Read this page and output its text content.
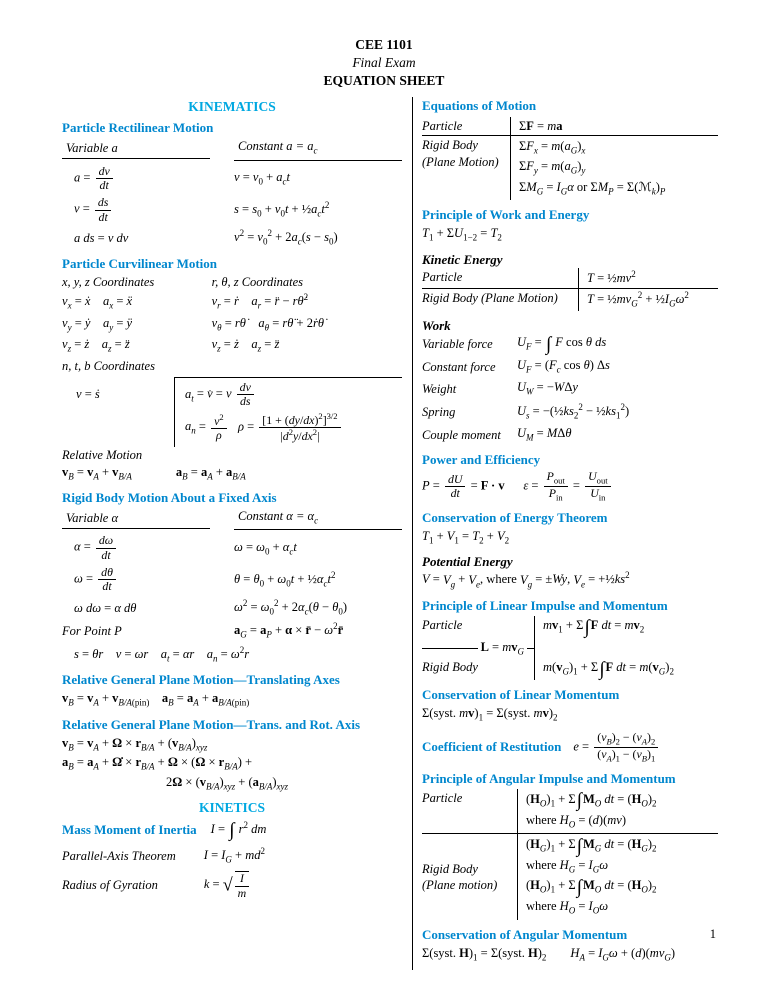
CEE 1101
Final Exam
EQUATION SHEET
KINEMATICS
Particle Rectilinear Motion
Variable a	Constant $a = a_c$
$a = \frac{dv}{dt}$	$v = v_0 + a_ct$
$v = \frac{ds}{dt}$	$s = s_0 + v_0t$ + $\frac{1}{2}a_ct^2$
a ds = v dv	$v^2 = v_0^2 + 2a_c(s - s_0)$
Particle Curvilinear Motion
x, y, z Coordinates	r, θ, z Coordinates
$v_x$ = ẋ $a_x$ = ẍ	$v_r$ = ṙ $a_r$ = r̈ − rθ̇$^2$
$v_y$ = ẏ $a_y$ = ÿ	$v_\theta$ = rθ̇ $a_\theta$ = rθ̈ + 2ṙθ̇
$v_z$ = ż $a_z$ = z̈	$v_z$ = ż $a_z$ = z̈
n, t, b Coordinates
v = ṡ	$a_t$ = v̇ = v $\frac{dv}{ds}$
$a_n = \frac{v^2}{\rho}$ $\rho = \frac{[1 + (dy/dx)^2]^{3/2}}{|d^2y/dx^2|}$
Relative Motion
$v_B = v_A + v_{B/A}$	$a_B = a_A + a_{B/A}$
Rigid Body Motion About a Fixed Axis
Variable α	Constant $\alpha = \alpha_c$
$\alpha = \frac{d\omega}{dt}$	$\omega = \omega_0 + \alpha_ct$
$\omega = \frac{d\theta}{dt}$	$\theta = \theta_0 + \omega_0t$ + $\frac{1}{2}\alpha_ct^2$
ω dω = α dθ	$\omega^2 = \omega_0^2 + 2\alpha_c(\theta - \theta_0)$
For Point P	$a_G = a_P + \alpha$ × r̄ − $\omega^2r̄$
s = θr v = ωr $a_t = \alpha r$ $a_n = \omega^2r$
Relative General Plane Motion—Translating Axes
$v_B = v_A + v_{B/A(pin)}$ $a_B = a_A + a_{B/A(pin)}$
Relative General Plane Motion—Trans. and Rot. Axis
$v_B = v_A + \Omega \times r_{B/A} + (v_{B/A})_{xyz}$
$a_B = a_A$ + Ω̇ × $r_{B/A} + \Omega \times (\Omega \times r_{B/A})$ +
$2\Omega \times (v_{B/A})_{xyz} + (a_{B/A})_{xyz}$
KINETICS
Mass Moment of Inertia I = ∫ $r^2$ dm
Parallel-Axis Theorem $I = I_G + md^2$
Radius of Gyration	k = √ $\frac{I}{m}$
Equations of Motion
Particle	ΣF = ma
Rigid Body
(Plane Motion)
$\Sigma F_x = m(a_G)_x$
$\Sigma F_y = m(a_G)_y$
$\Sigma M_G = I_G\alpha$ or $\Sigma M_P$ = $\Sigma(ℳ_k)_P$
Principle of Work and Energy
$T_1 + \Sigma U_{1-2} = T_2$
Kinetic Energy
Particle	$T = \frac{1}{2}mv^2$
Rigid Body (Plane Motion)	$T = \frac{1}{2}mv_G^2$ + $\frac{1}{2}I_G\omega^2$
Work
Variable force	$U_F$ = ∫ F cos θ ds
Constant force	$U_F = (F_c$ cos θ) Δs
Weight	$U_W = -W\Delta y$
Spring	$U_s$ = $-(\frac{1}{2}ks_2^2$ − $\frac{1}{2}ks_1^2$)
Couple moment	$U_M = M\Delta\theta$
Power and Efficiency
$P = \frac{dU}{dt} = F \cdot v$ $\varepsilon = \frac{P_{out}}{P_{in}} = \frac{U_{out}}{U_{in}}$
Conservation of Energy Theorem
$T_1 + V_1 = T_2 + V_2$
Potential Energy
$V = V_g + V_e$, where $V_g = \pm Wy$, $V_e$ = $+\frac{1}{2}ks^2$
Principle of Linear Impulse and Momentum
Particle	$mv_1 + \Sigma\int F$ dt = $mv_2$
$L = mv_G$
Rigid Body	$m(v_G)_1 + \Sigma\int F$ dt = $m(v_G)_2$
Conservation of Linear Momentum
Σ(syst. $mv)_1$ = Σ(syst. $mv)_2$
Coefficient of Restitution $e = \frac{(v_B)_2 - (v_A)_2}{(v_A)_1 - (v_B)_1}$
Principle of Angular Impulse and Momentum
Particle	$(H_O)_1 + \Sigma\int M_O$ dt = $(H_O)_2$
where $H_O = (d)(mv)$
Rigid Body
(Plane motion)
$(H_G)_1 + \Sigma\int M_G$ dt = $(H_G)_2$
where $H_G = I_G\omega$
$(H_O)_1 + \Sigma\int M_O$ dt = $(H_O)_2$
where $H_O = I_O\omega$
Conservation of Angular Momentum
Σ(syst. $H)_1$ = Σ(syst. $H)_2$ $H_A = I_G\omega + (d)(mv_G)$
1
